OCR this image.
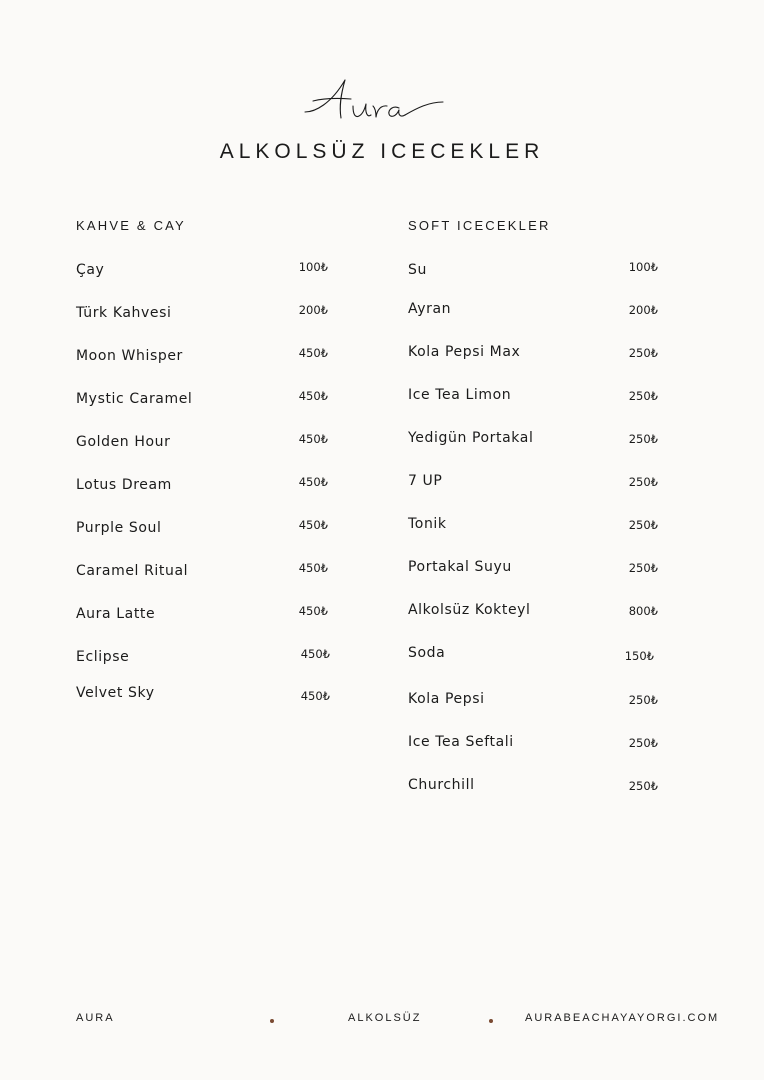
Aura
ALKOLSÜZ ICECEKLER
KAHVE & CAY
Çay	100₺
Türk Kahvesi	200₺
Moon Whisper	450₺
Mystic Caramel	450₺
Golden Hour	450₺
Lotus Dream	450₺
Purple Soul	450₺
Caramel Ritual	450₺
Aura Latte	450₺
Eclipse	450₺
Velvet Sky	450₺
SOFT ICECEKLER
Su	100₺
Ayran	200₺
Kola Pepsi Max	250₺
Ice Tea Limon	250₺
Yedigün Portakal	250₺
7 UP	250₺
Tonik	250₺
Portakal Suyu	250₺
Alkolsüz Kokteyl	800₺
Soda	150₺
Kola Pepsi	250₺
Ice Tea Seftali	250₺
Churchill	250₺
AURA	ALKOLSÜZ	AURABEACHAYAYORGI.COM
